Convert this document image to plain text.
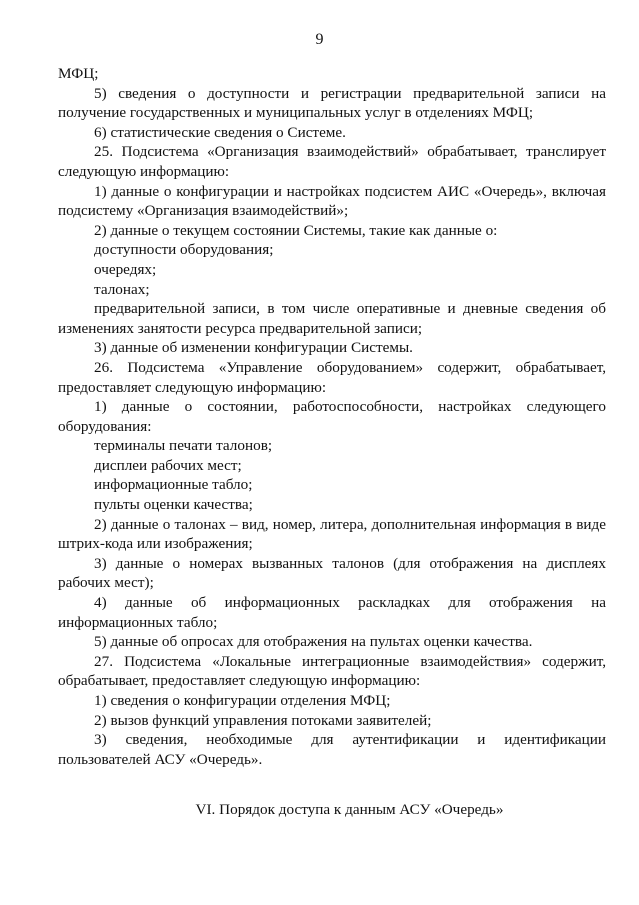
9

МФЦ;

5) сведения о доступности и регистрации предварительной записи на получение государственных и муниципальных услуг в отделениях МФЦ;

6) статистические сведения о Системе.

25. Подсистема «Организация взаимодействий» обрабатывает, транслирует следующую информацию:

1) данные о конфигурации и настройках подсистем АИС «Очередь», включая подсистему «Организация взаимодействий»;

2) данные о текущем состоянии Системы, такие как данные о:

доступности оборудования;

очередях;

талонах;

предварительной записи, в том числе оперативные и дневные сведения об изменениях занятости ресурса предварительной записи;

3) данные об изменении конфигурации Системы.

26. Подсистема «Управление оборудованием» содержит, обрабатывает, предоставляет следующую информацию:

1) данные о состоянии, работоспособности, настройках следующего оборудования:

терминалы печати талонов;

дисплеи рабочих мест;

информационные табло;

пульты оценки качества;

2) данные о талонах – вид, номер, литера, дополнительная информация в виде штрих-кода или изображения;

3) данные о номерах вызванных талонов (для отображения на дисплеях рабочих мест);

4) данные об информационных раскладках для отображения на информационных табло;

5) данные об опросах для отображения на пультах оценки качества.

27. Подсистема «Локальные интеграционные взаимодействия» содержит, обрабатывает, предоставляет следующую информацию:

1) сведения о конфигурации отделения МФЦ;

2) вызов функций управления потоками заявителей;

3) сведения, необходимые для аутентификации и идентификации пользователей АСУ «Очередь».

VI. Порядок доступа к данным АСУ «Очередь»
